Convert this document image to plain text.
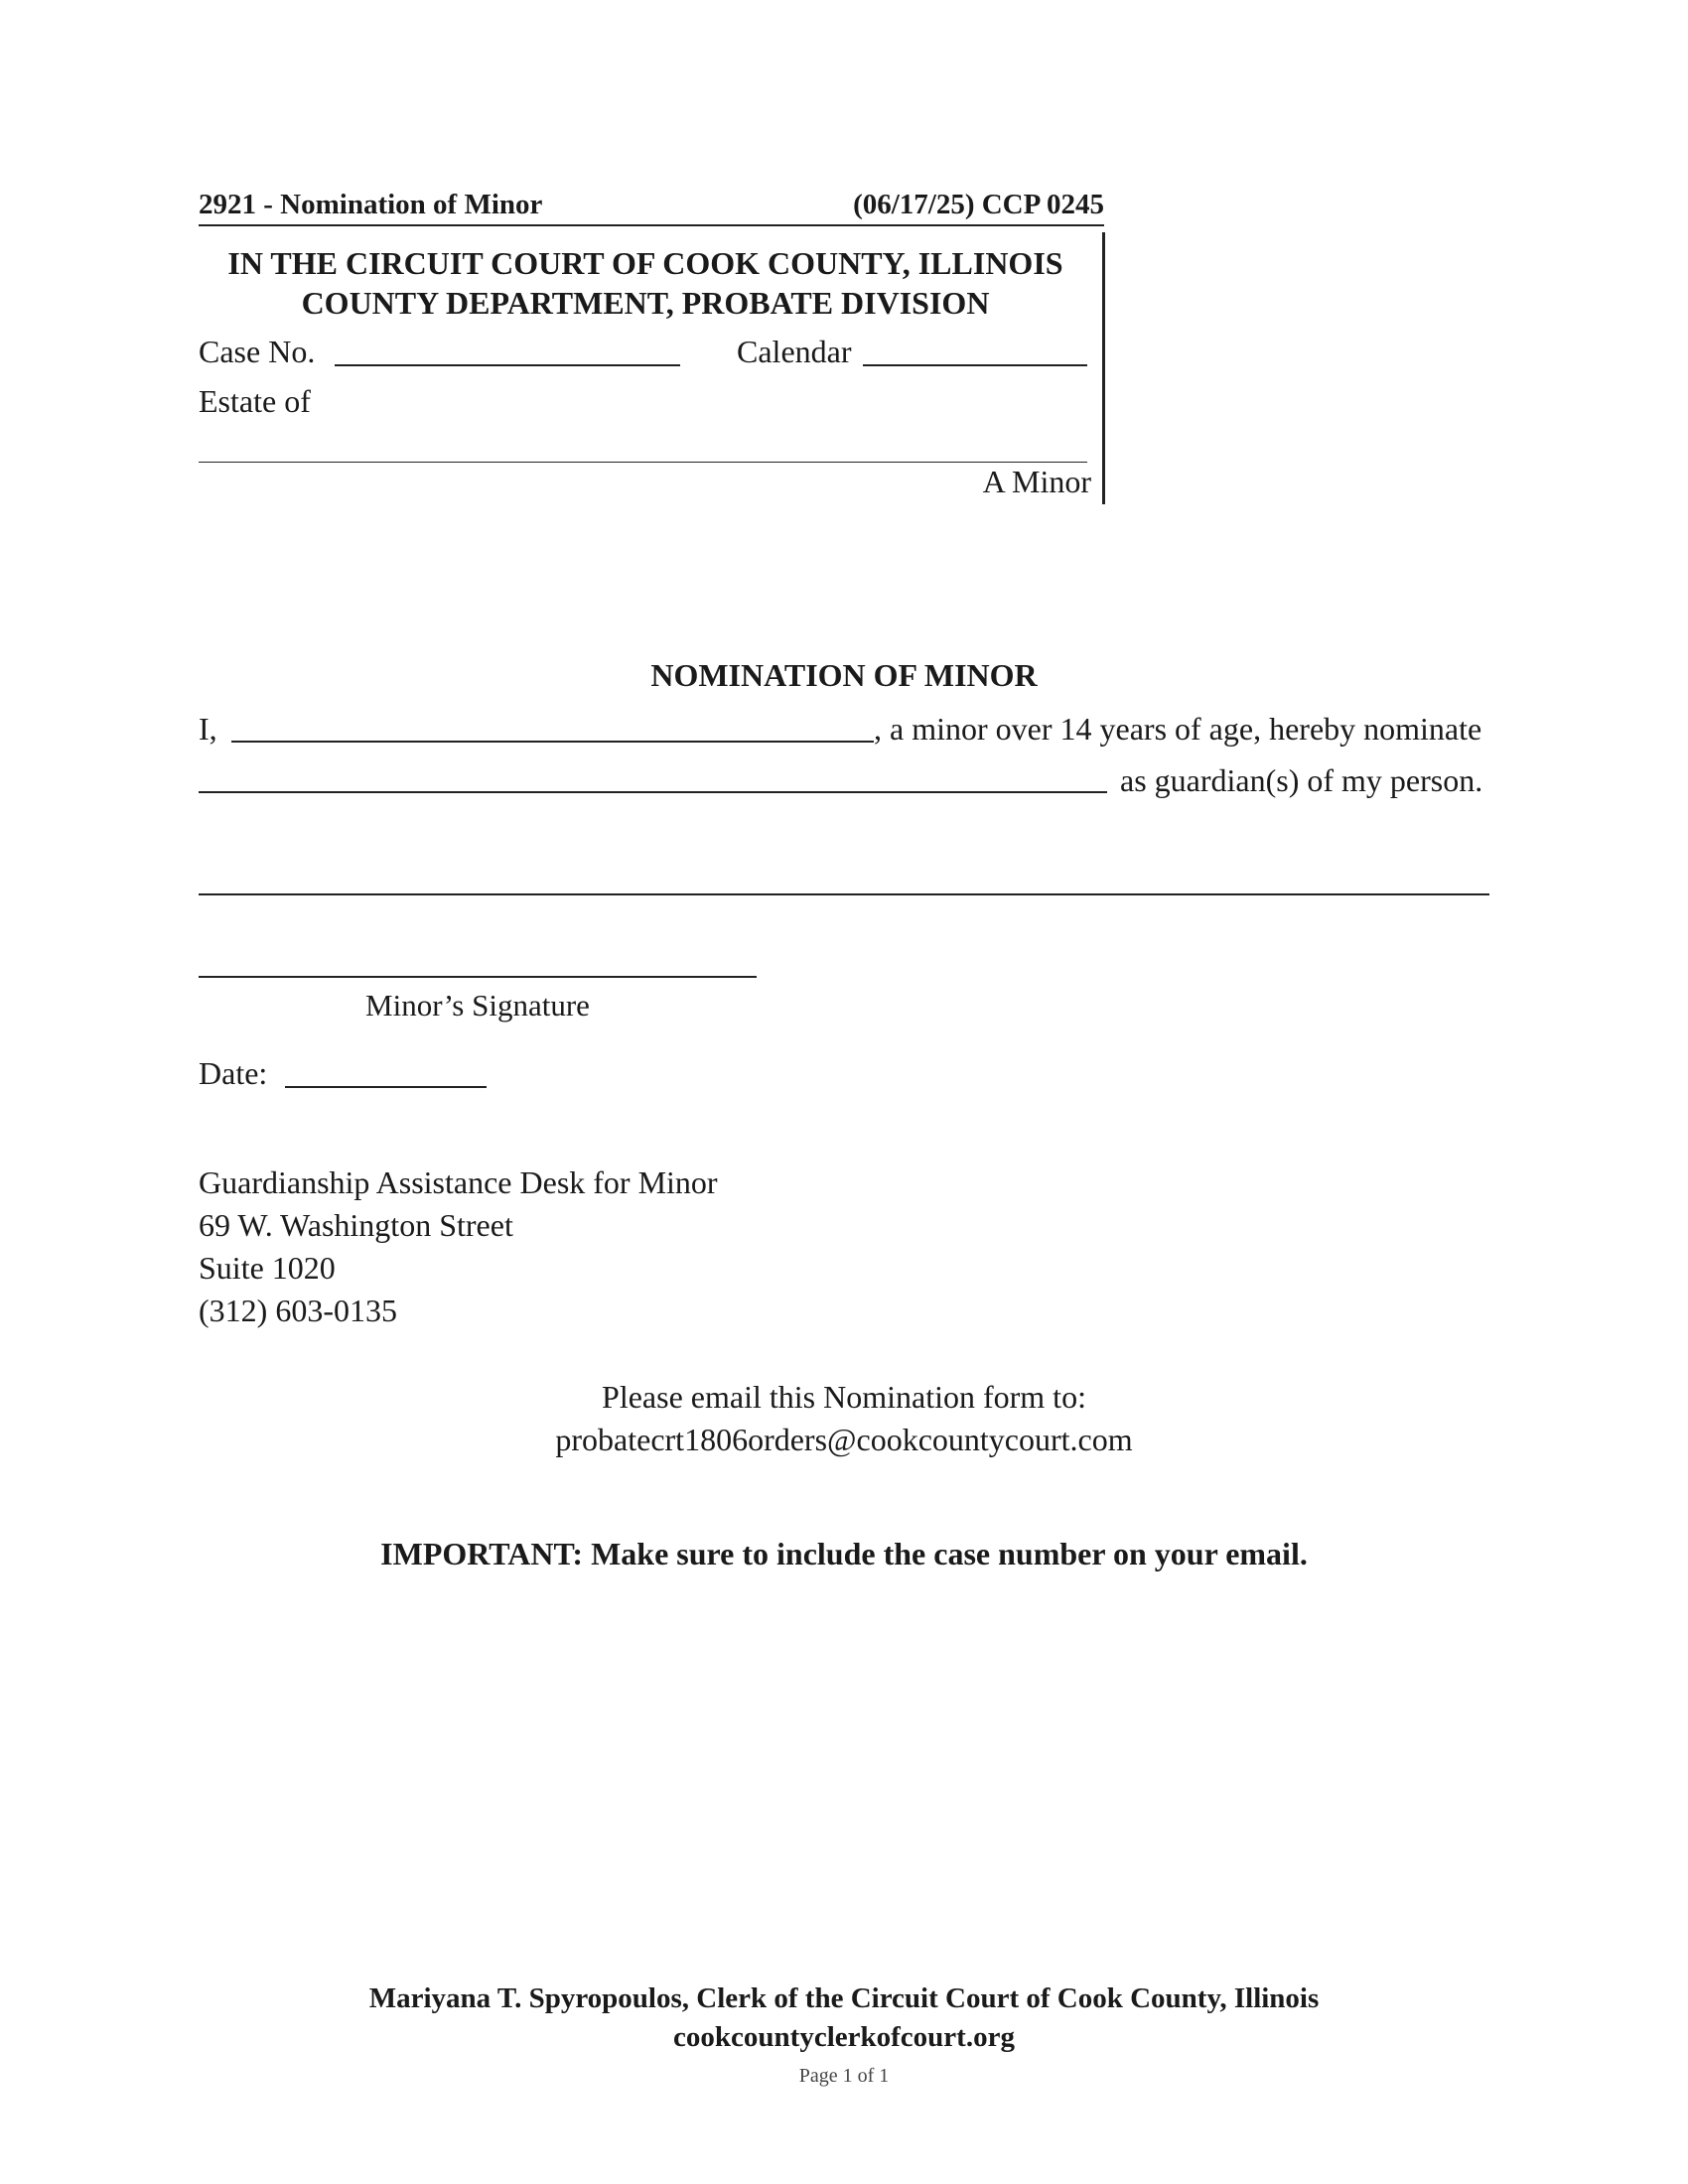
2921 - Nomination of Minor	(06/17/25) CCP 0245
IN THE CIRCUIT COURT OF COOK COUNTY, ILLINOIS
COUNTY DEPARTMENT, PROBATE DIVISION
Case No.	Calendar
Estate of
A Minor
NOMINATION OF MINOR
I,	, a minor over 14 years of age, hereby nominate
as guardian(s) of my person.
Minor’s Signature
Date:
Guardianship Assistance Desk for Minor
69 W. Washington Street
Suite 1020
(312) 603-0135
Please email this Nomination form to:
probatecrt1806orders@cookcountycourt.com
IMPORTANT: Make sure to include the case number on your email.
Mariyana T. Spyropoulos, Clerk of the Circuit Court of Cook County, Illinois
cookcountyclerkofcourt.org
Page 1 of 1
